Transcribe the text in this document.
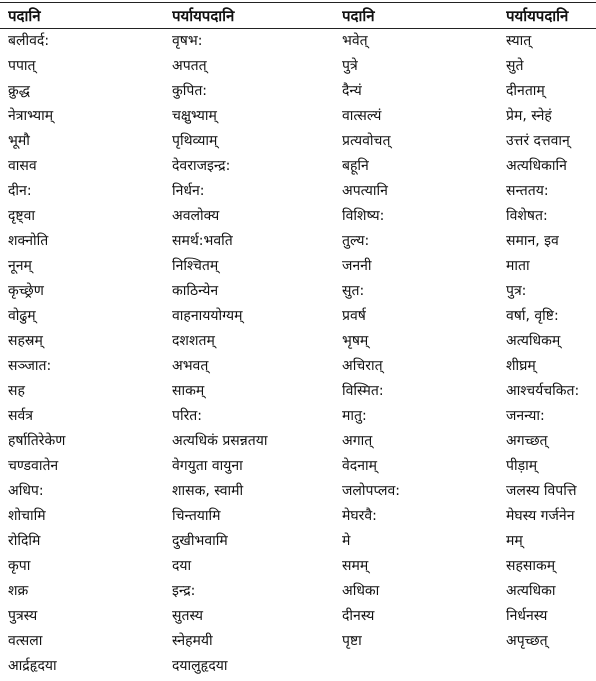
पदानि	पर्यायपदानि	पदानि	पर्यायपदानि
बलीवर्द:	वृषभ:	भवेत्	स्यात्
पपात्	अपतत्	पुत्रे	सुते
क्रुद्ध	कुपित:	दैन्यं	दीनताम्
नेत्राभ्याम्	चक्षुभ्याम्	वात्सल्यं	प्रेम, स्नेहं
भूमौ	पृथिव्याम्	प्रत्यवोचत्	उत्तरं दत्तवान्
वासव	देवराजइन्द्र:	बहूनि	अत्यधिकानि
दीन:	निर्धन:	अपत्यानि	सन्ततय:
दृष्ट्वा	अवलोक्य	विशिष्य:	विशेषत:
शक्नोति	समर्थ:भवति	तुल्य:	समान, इव
नूनम्	निश्चितम्	जननी	माता
कृच्छ्रेण	काठिन्येन	सुत:	पुत्र:
वोढुम्	वाहनाययोग्यम्	प्रवर्ष	वर्षा, वृष्टि:
सहस्रम्	दशशतम्	भृषम्	अत्यधिकम्
सञ्जात:	अभवत्	अचिरात्	शीघ्रम्
सह	साकम्	विस्मित:	आश्चर्यचकित:
सर्वत्र	परित:	मातु:	जनन्या:
हर्षातिरेकेण	अत्यधिकं प्रसन्नतया	अगात्	अगच्छत्
चण्डवातेन	वेगयुता वायुना	वेदनाम्	पीड़ाम्
अधिप:	शासक, स्वामी	जलोपप्लव:	जलस्य विपत्ति
शोचामि	चिन्तयामि	मेघरवै:	मेघस्य गर्जनेन
रोदिमि	दुखीभवामि	मे	मम्
कृपा	दया	समम्	सहसाकम्
शक्र	इन्द्र:	अधिका	अत्यधिका
पुत्रस्य	सुतस्य	दीनस्य	निर्धनस्य
वत्सला	स्नेहमयी	पृष्टा	अपृच्छत्
आर्द्रहृदया	दयालुहृदया
